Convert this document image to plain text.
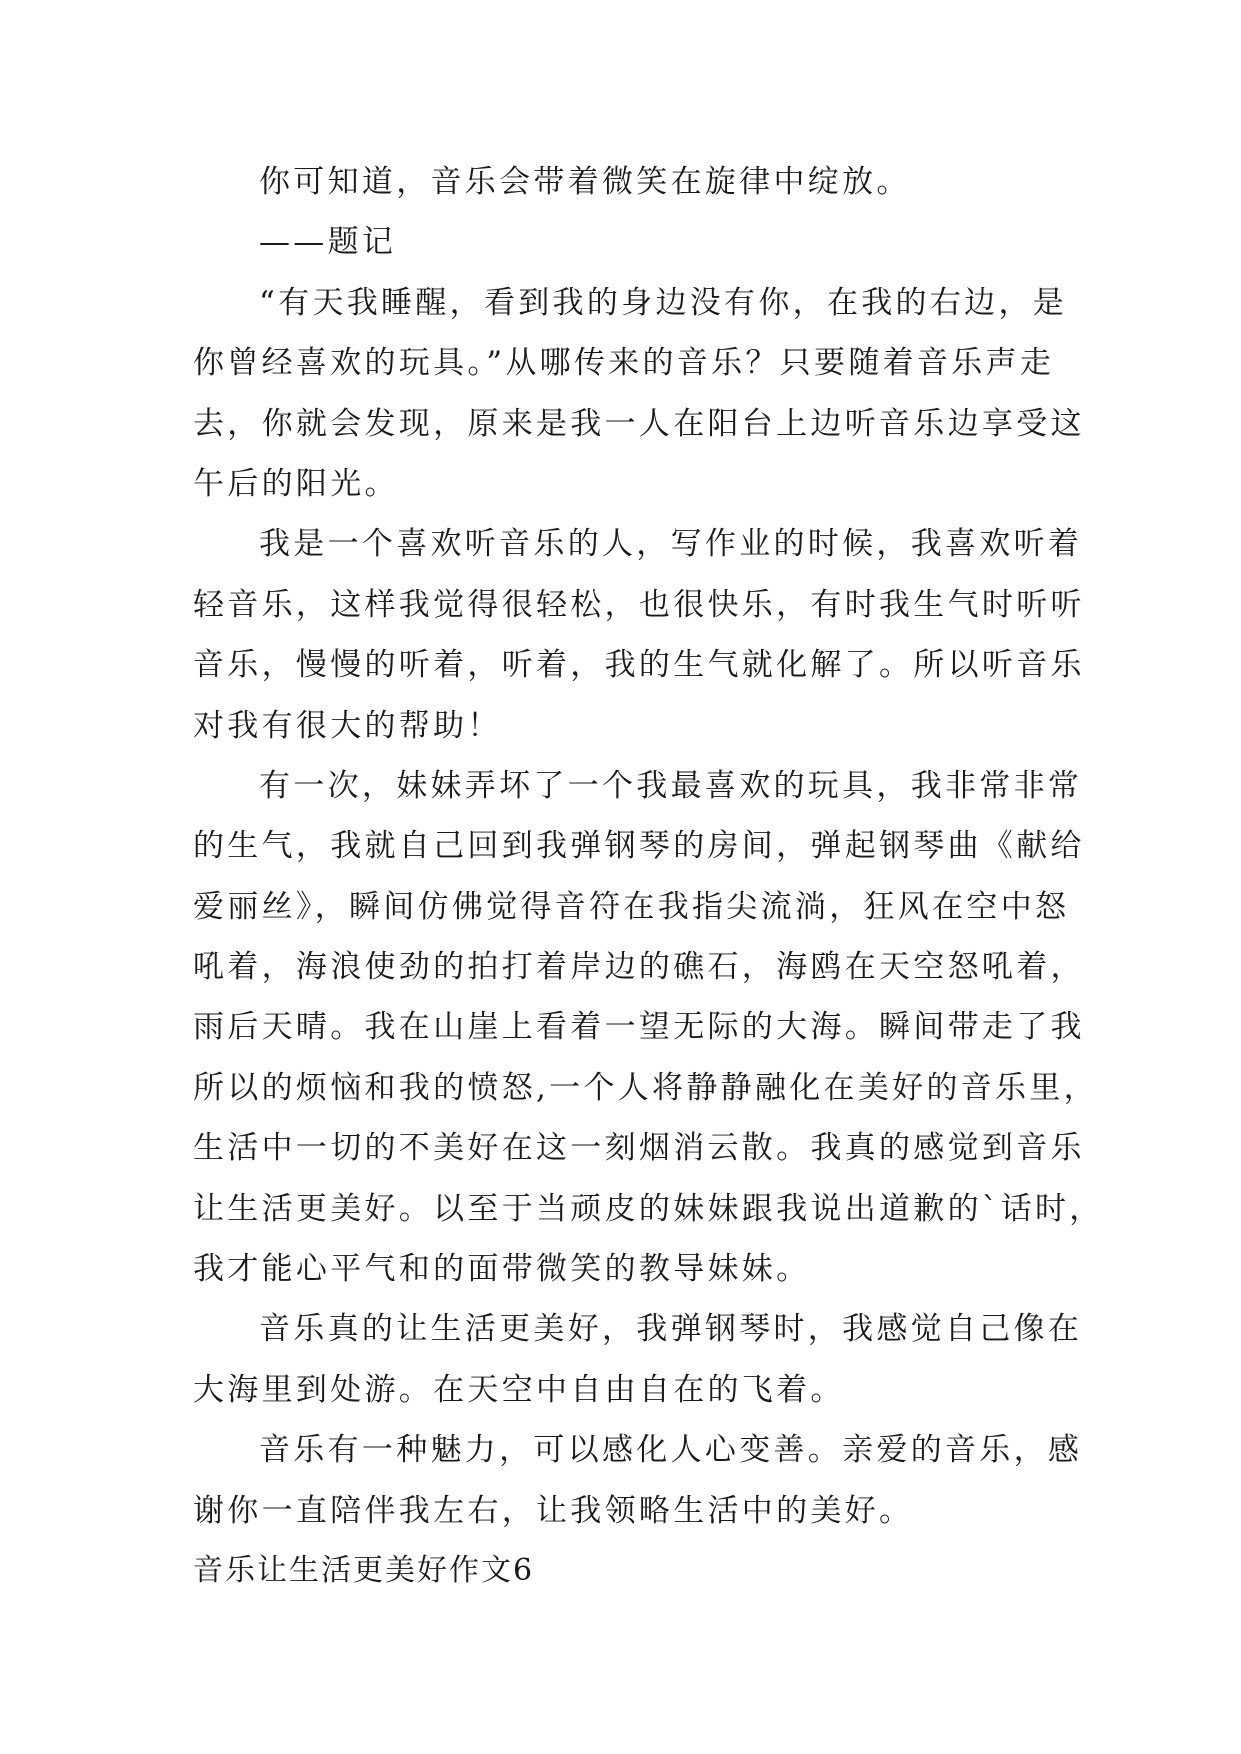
你可知道，音乐会带着微笑在旋律中绽放。
——题记
“有天我睡醒，看到我的身边没有你，在我的右边，是
你曾经喜欢的玩具。”从哪传来的音乐？只要随着音乐声走
去，你就会发现，原来是我一人在阳台上边听音乐边享受这
午后的阳光。
我是一个喜欢听音乐的人，写作业的时候，我喜欢听着
轻音乐，这样我觉得很轻松，也很快乐，有时我生气时听听
音乐，慢慢的听着，听着，我的生气就化解了。所以听音乐
对我有很大的帮助！
有一次，妹妹弄坏了一个我最喜欢的玩具，我非常非常
的生气，我就自己回到我弹钢琴的房间，弹起钢琴曲《献给
爱丽丝》，瞬间仿佛觉得音符在我指尖流淌，狂风在空中怒
吼着，海浪使劲的拍打着岸边的礁石，海鸥在天空怒吼着，
雨后天晴。我在山崖上看着一望无际的大海。瞬间带走了我
所以的烦恼和我的愤怒,一个人将静静融化在美好的音乐里，
生活中一切的不美好在这一刻烟消云散。我真的感觉到音乐
让生活更美好。以至于当顽皮的妹妹跟我说出道歉的`话时，
我才能心平气和的面带微笑的教导妹妹。
音乐真的让生活更美好，我弹钢琴时，我感觉自己像在
大海里到处游。在天空中自由自在的飞着。
音乐有一种魅力，可以感化人心变善。亲爱的音乐，感
谢你一直陪伴我左右，让我领略生活中的美好。
音乐让生活更美好作文6
